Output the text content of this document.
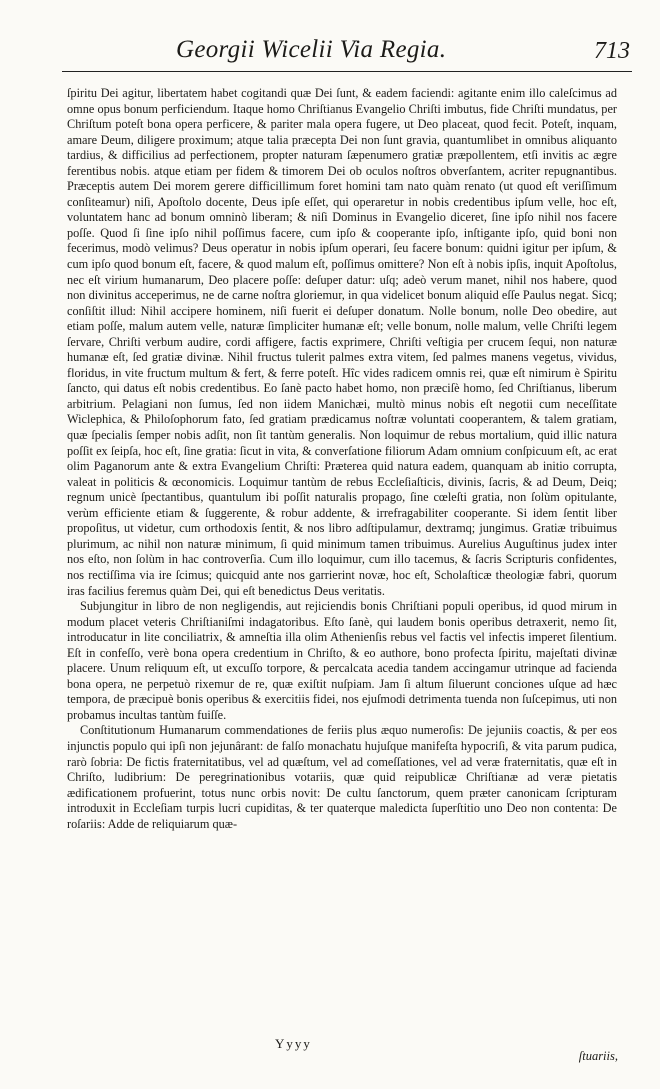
Georgii Wicelii Via Regia.	713

ſpiritu Dei agitur, libertatem habet cogitandi quæ Dei ſunt, & eadem faciendi: agitante enim illo caleſcimus ad omne opus bonum perficiendum. Itaque homo Chriſtianus Evangelio Chriſti imbutus, fide Chriſti mundatus, per Chriſtum poteſt bona opera perficere, & pariter mala opera fugere, ut Deo placeat, quod fecit. Poteſt, inquam, amare Deum, diligere proximum; atque talia præcepta Dei non ſunt gravia, quantumlibet in omnibus aliquanto tardius, & difficilius ad perfectionem, propter naturam ſæpenumero gratiæ præpollentem, etſi invitis ac ægre ferentibus nobis. atque etiam per fidem & timorem Dei ob oculos noſtros obverſantem, acriter repugnantibus. Præceptis autem Dei morem gerere difficillimum foret homini tam nato quàm renato (ut quod eſt veriſſimum conſiteamur) niſi, Apoſtolo docente, Deus ipſe eſſet, qui operaretur in nobis credentibus ipſum velle, hoc eſt, voluntatem hanc ad bonum omninò liberam; & niſi Dominus in Evangelio diceret, ſine ipſo nihil nos facere poſſe. Quod ſi ſine ipſo nihil poſſimus facere, cum ipſo & cooperante ipſo, inſtigante ipſo, quid boni non fecerimus, modò velimus? Deus operatur in nobis ipſum operari, ſeu facere bonum: quidni igitur per ipſum, & cum ipſo quod bonum eſt, facere, & quod malum eſt, poſſimus omittere? Non eſt à nobis ipſis, inquit Apoſtolus, nec eſt virium humanarum, Deo placere poſſe: deſuper datur: uſq; adeò verum manet, nihil nos habere, quod non divinitus acceperimus, ne de carne noſtra gloriemur, in qua videlicet bonum aliquid eſſe Paulus negat. Sicq; conſiſtit illud: Nihil accipere hominem, niſi fuerit ei deſuper donatum. Nolle bonum, nolle Deo obedire, aut etiam poſſe, malum autem velle, naturæ ſimpliciter humanæ eſt; velle bonum, nolle malum, velle Chriſti legem ſervare, Chriſti verbum audire, cordi affigere, factis exprimere, Chriſti veſtigia per crucem ſequi, non naturæ humanæ eſt, ſed gratiæ divinæ. Nihil fructus tulerit palmes extra vitem, ſed palmes manens vegetus, vividus, floridus, in vite fructum multum & fert, & ferre poteſt. Hîc vides radicem omnis rei, quæ eſt nimirum è Spiritu ſancto, qui datus eſt nobis credentibus. Eo ſanè pacto habet homo, non præciſè homo, ſed Chriſtianus, liberum arbitrium. Pelagiani non ſumus, ſed non iidem Manichæi, multò minus nobis eſt negotii cum neceſſitate Wiclephica, & Philoſophorum fato, ſed gratiam prædicamus noſtræ voluntati cooperantem, & talem gratiam, quæ ſpecialis ſemper nobis adſit, non ſit tantùm generalis. Non loquimur de rebus mortalium, quid illic natura poſſit ex ſeipſa, hoc eſt, ſine gratia: ſicut in vita, & converſatione filiorum Adam omnium conſpicuum eſt, ac erat olim Paganorum ante & extra Evangelium Chriſti: Præterea quid natura eadem, quanquam ab initio corrupta, valeat in politicis & œconomicis. Loquimur tantùm de rebus Eccleſiaſticis, divinis, ſacris, & ad Deum, Deiq; regnum unicè ſpectantibus, quantulum ibi poſſit naturalis propago, ſine cœleſti gratia, non ſolùm opitulante, verùm efficiente etiam & ſuggerente, & robur addente, & irrefragabiliter cooperante. Si idem ſentit liber propoſitus, ut videtur, cum orthodoxis ſentit, & nos libro adſtipulamur, dextramq; jungimus. Gratiæ tribuimus plurimum, ac nihil non naturæ minimum, ſi quid minimum tamen tribuimus. Aurelius Auguſtinus judex inter nos eſto, non ſolùm in hac controverſia. Cum illo loquimur, cum illo tacemus, & ſacris Scripturis confidentes, nos rectiſſima via ire ſcimus; quicquid ante nos garrierint novæ, hoc eſt, Scholaſticæ theologiæ fabri, quorum iras facilius feremus quàm Dei, qui eſt benedictus Deus veritatis.

Subjungitur in libro de non negligendis, aut rejiciendis bonis Chriſtiani populi operibus, id quod mirum in modum placet veteris Chriſtianiſmi indagatoribus. Eſto ſanè, qui laudem bonis operibus detraxerit, nemo ſit, introducatur in lite conciliatrix, & amneſtia illa olim Athenienſis rebus vel factis vel infectis imperet ſilentium. Eſt in confeſſo, verè bona opera credentium in Chriſto, & eo authore, bono profecta ſpiritu, majeſtati divinæ placere. Unum reliquum eſt, ut excuſſo torpore, & percalcata acedia tandem accingamur utrinque ad facienda bona opera, ne perpetuò rixemur de re, quæ exiſtit nuſpiam. Jam ſi altum ſiluerunt conciones uſque ad hæc tempora, de præcipuè bonis operibus & exercitiis fidei, nos ejuſmodi detrimenta tuenda non ſuſcepimus, uti non probamus incultas tantùm fuiſſe.

Conſtitutionum Humanarum commendationes de feriis plus æquo numeroſis: De jejuniis coactis, & per eos injunctis populo qui ipſi non jejunârant: de falſo monachatu hujuſque manifeſta hypocriſi, & vita parum pudica, rarò ſobria: De fictis fraternitatibus, vel ad quæſtum, vel ad comeſſationes, vel ad veræ fraternitatis, quæ eſt in Chriſto, ludibrium: De peregrinationibus votariis, quæ quid reipublicæ Chriſtianæ ad veræ pietatis ædificationem profuerint, totus nunc orbis novit: De cultu ſanctorum, quem præter canonicam ſcripturam introduxit in Eccleſiam turpis lucri cupiditas, & ter quaterque maledicta ſuperſtitio uno Deo non contenta: De roſariis: Adde de reliquiarum quæ-

Yyyy
ſtuariis,
